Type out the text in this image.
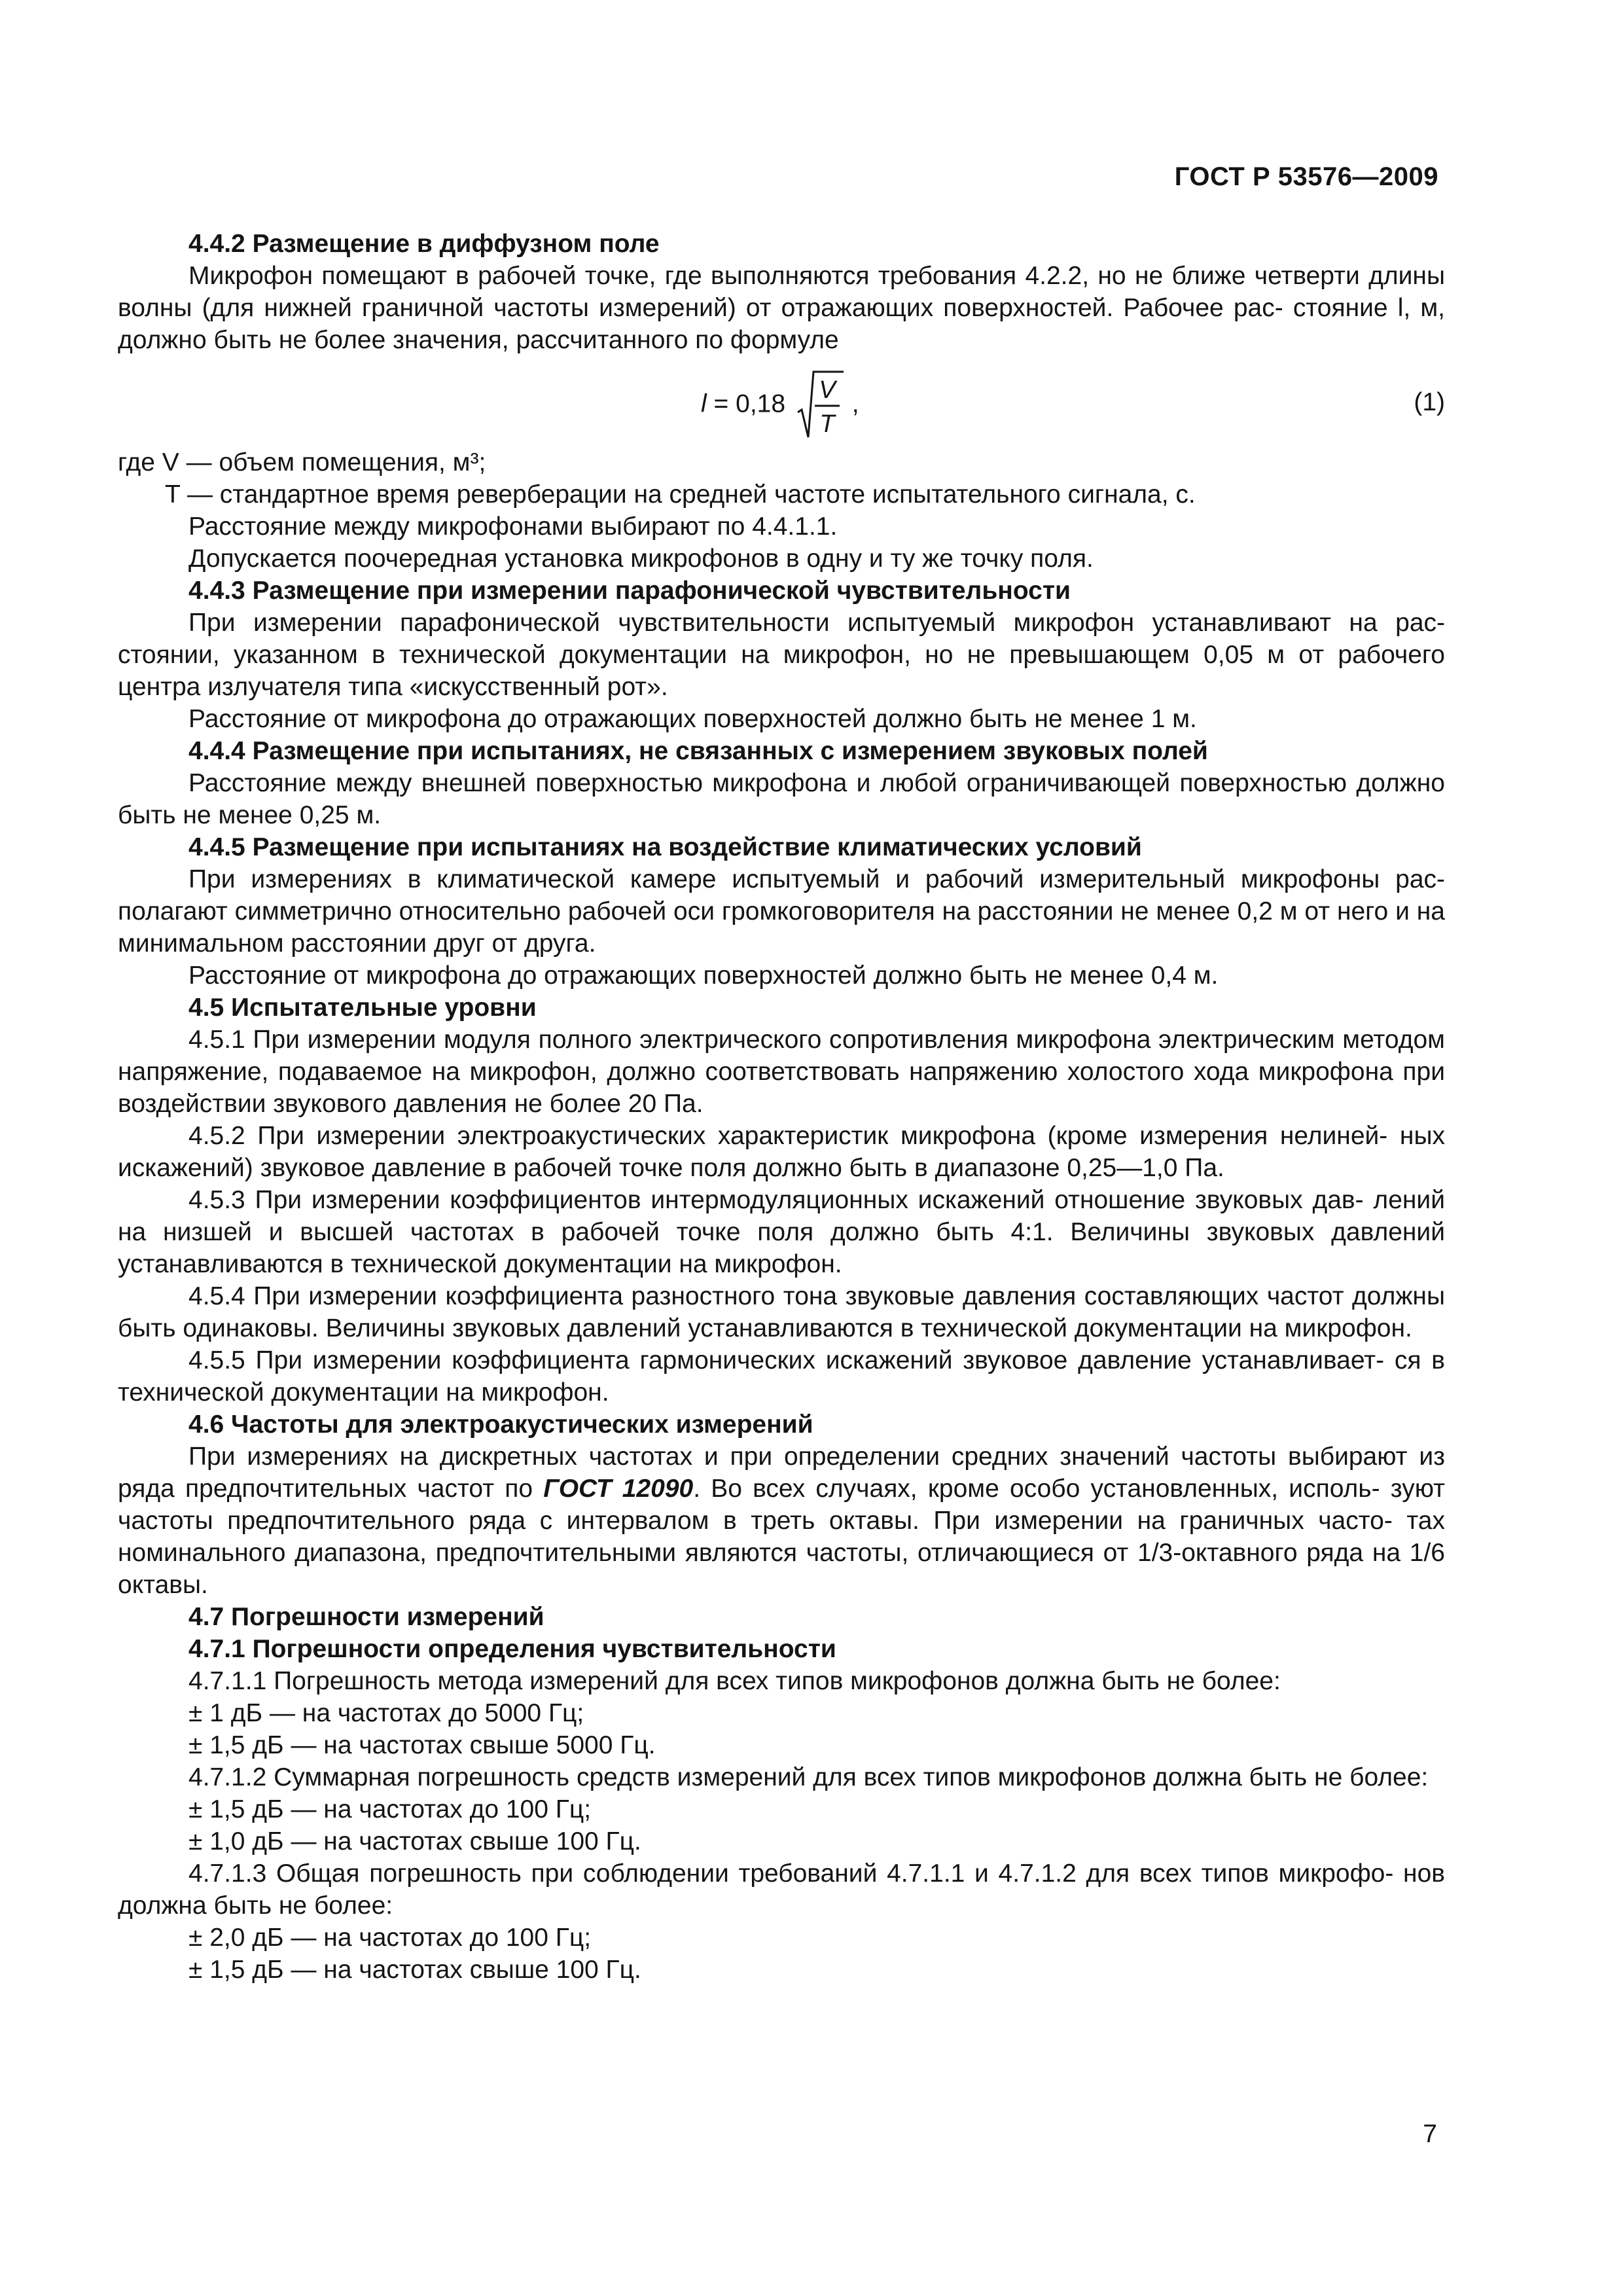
ГОСТ Р 53576—2009

4.4.2 Размещение в диффузном поле

Микрофон помещают в рабочей точке, где выполняются требования 4.2.2, но не ближе четверти длины волны (для нижней граничной частоты измерений) от отражающих поверхностей. Рабочее рас- стояние l, м, должно быть не более значения, рассчитанного по формуле

l = 0,18 V
T
,	(1)

где V — объем помещения, м³;

T — стандартное время реверберации на средней частоте испытательного сигнала, с.

Расстояние между микрофонами выбирают по 4.4.1.1.

Допускается поочередная установка микрофонов в одну и ту же точку поля.

4.4.3 Размещение при измерении парафонической чувствительности

При измерении парафонической чувствительности испытуемый микрофон устанавливают на рас- стоянии, указанном в технической документации на микрофон, но не превышающем 0,05 м от рабочего центра излучателя типа «искусственный рот».

Расстояние от микрофона до отражающих поверхностей должно быть не менее 1 м.

4.4.4 Размещение при испытаниях, не связанных с измерением звуковых полей

Расстояние между внешней поверхностью микрофона и любой ограничивающей поверхностью должно быть не менее 0,25 м.

4.4.5 Размещение при испытаниях на воздействие климатических условий

При измерениях в климатической камере испытуемый и рабочий измерительный микрофоны рас- полагают симметрично относительно рабочей оси громкоговорителя на расстоянии не менее 0,2 м от него и на минимальном расстоянии друг от друга.

Расстояние от микрофона до отражающих поверхностей должно быть не менее 0,4 м.

4.5 Испытательные уровни

4.5.1 При измерении модуля полного электрического сопротивления микрофона электрическим методом напряжение, подаваемое на микрофон, должно соответствовать напряжению холостого хода микрофона при воздействии звукового давления не более 20 Па.

4.5.2 При измерении электроакустических характеристик микрофона (кроме измерения нелиней- ных искажений) звуковое давление в рабочей точке поля должно быть в диапазоне 0,25—1,0 Па.

4.5.3 При измерении коэффициентов интермодуляционных искажений отношение звуковых дав- лений на низшей и высшей частотах в рабочей точке поля должно быть 4:1. Величины звуковых давлений устанавливаются в технической документации на микрофон.

4.5.4 При измерении коэффициента разностного тона звуковые давления составляющих частот должны быть одинаковы. Величины звуковых давлений устанавливаются в технической документации на микрофон.

4.5.5 При измерении коэффициента гармонических искажений звуковое давление устанавливает- ся в технической документации на микрофон.

4.6 Частоты для электроакустических измерений

При измерениях на дискретных частотах и при определении средних значений частоты выбирают из ряда предпочтительных частот по ГОСТ 12090. Во всех случаях, кроме особо установленных, исполь- зуют частоты предпочтительного ряда с интервалом в треть октавы. При измерении на граничных часто- тах номинального диапазона, предпочтительными являются частоты, отличающиеся от 1/3-октавного ряда на 1/6 октавы.

4.7 Погрешности измерений

4.7.1 Погрешности определения чувствительности

4.7.1.1 Погрешность метода измерений для всех типов микрофонов должна быть не более:

± 1 дБ — на частотах до 5000 Гц;

± 1,5 дБ — на частотах свыше 5000 Гц.

4.7.1.2 Суммарная погрешность средств измерений для всех типов микрофонов должна быть не более:

± 1,5 дБ — на частотах до 100 Гц;

± 1,0 дБ — на частотах свыше 100 Гц.

4.7.1.3 Общая погрешность при соблюдении требований 4.7.1.1 и 4.7.1.2 для всех типов микрофо- нов должна быть не более:

± 2,0 дБ — на частотах до 100 Гц;

± 1,5 дБ — на частотах свыше 100 Гц.

7
